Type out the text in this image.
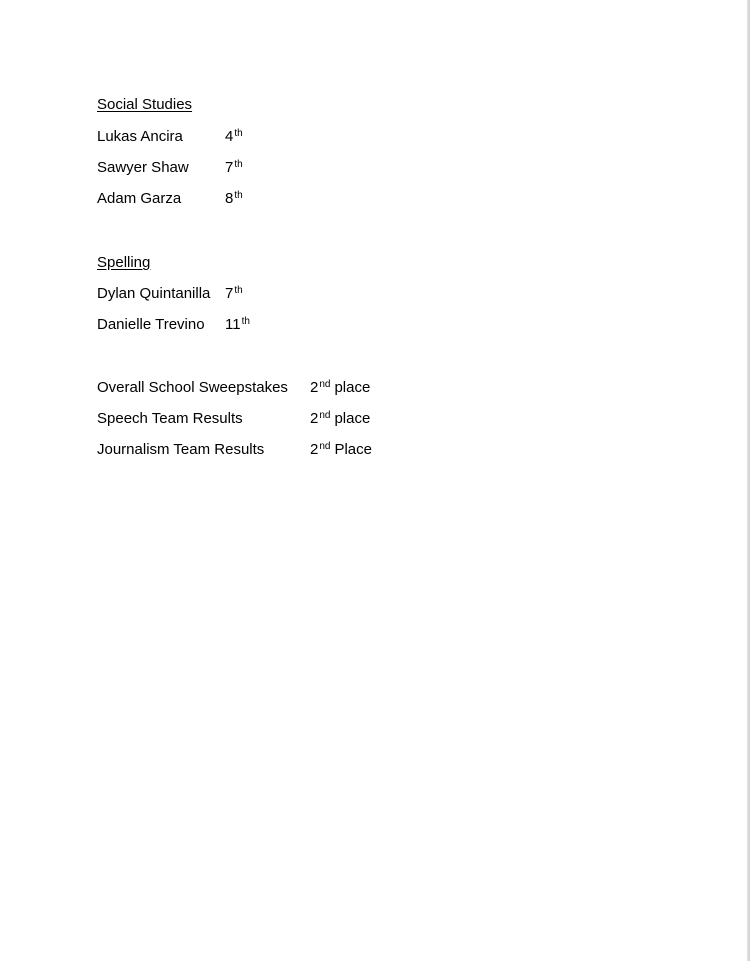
Social Studies
Lukas Ancira	4th
Sawyer Shaw 7th
Adam Garza	8th
Spelling
Dylan Quintanilla 7th
Danielle Trevino 11th
Overall School Sweepstakes 2nd place
Speech Team Results	2nd place
Journalism Team Results	2nd Place
